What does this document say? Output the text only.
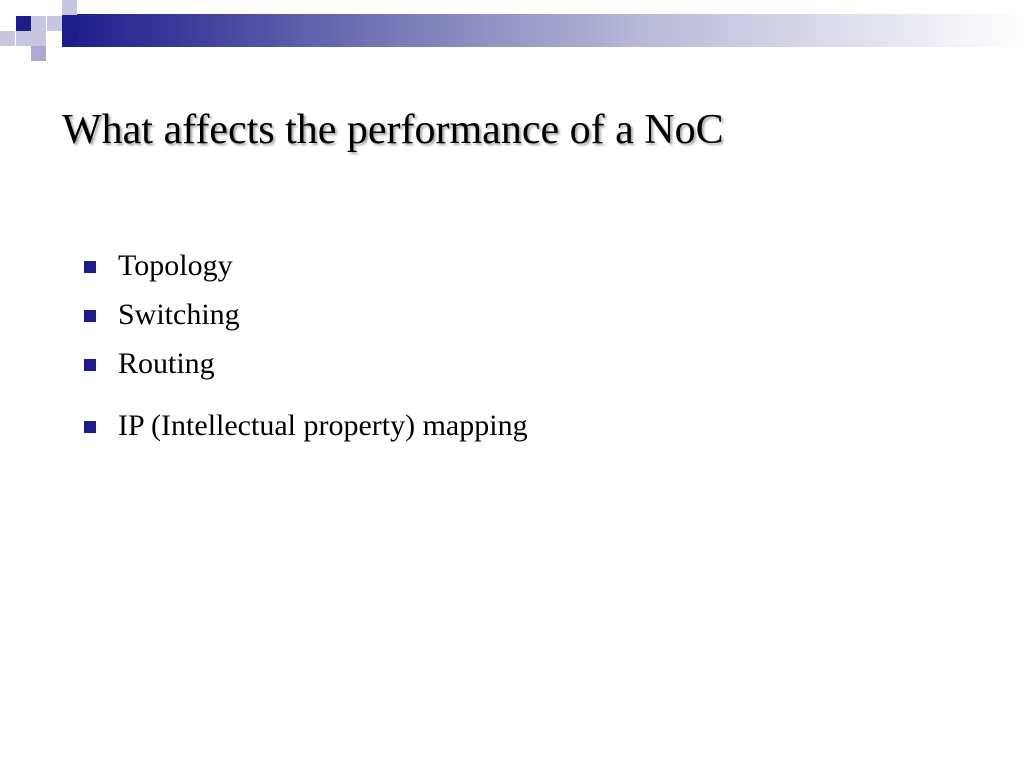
What affects the performance of a NoC
Topology
Switching
Routing
IP (Intellectual property) mapping
